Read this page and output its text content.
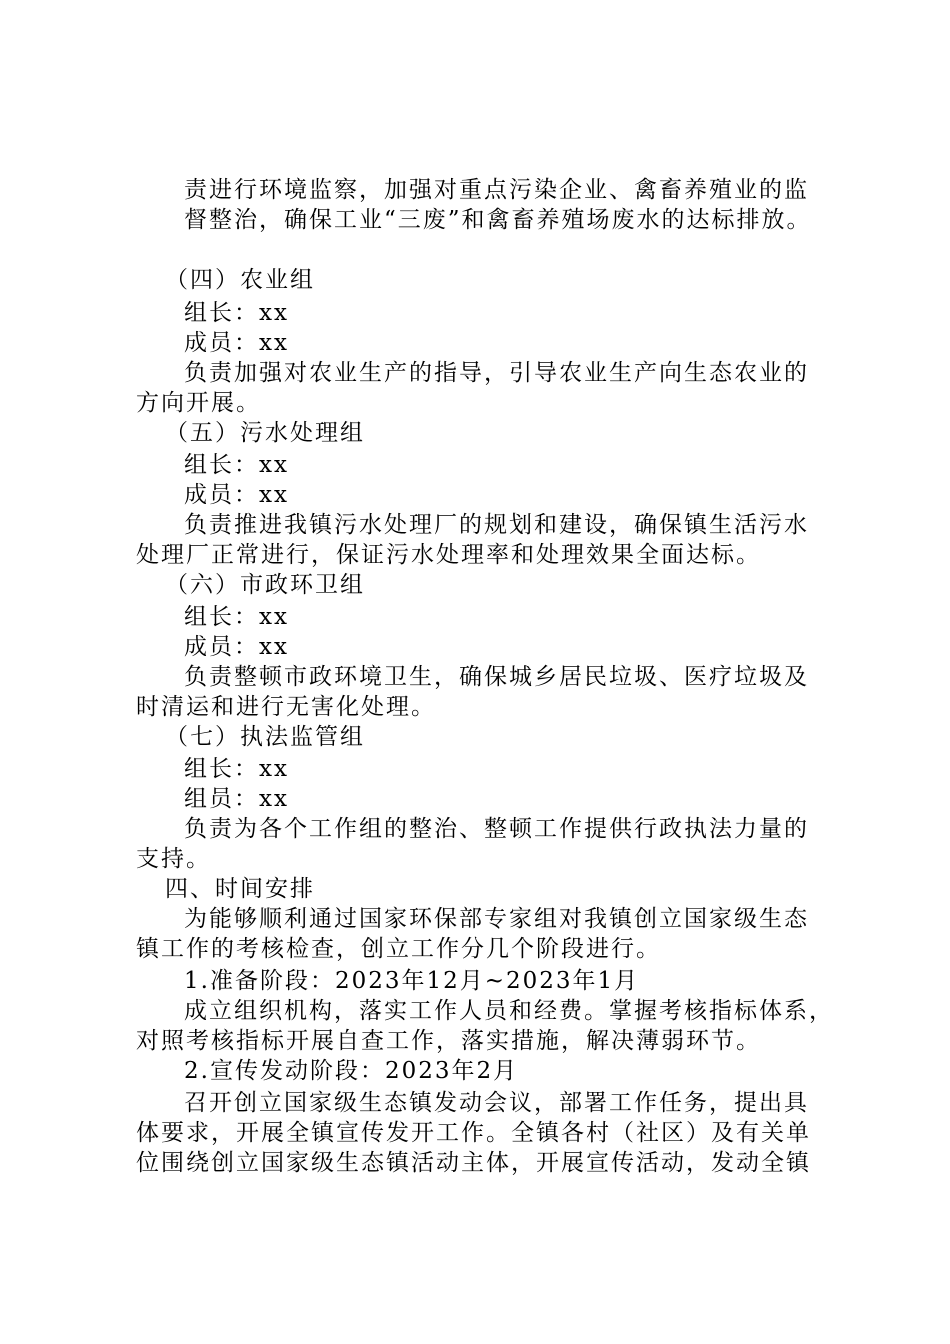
责进行环境监察，加强对重点污染企业、禽畜养殖业的监
督整治，确保工业“三废”和禽畜养殖场废水的达标排放。
（四）农业组
组长：xx
成员：xx
负责加强对农业生产的指导，引导农业生产向生态农业的
方向开展。
（五）污水处理组
组长：xx
成员：xx
负责推进我镇污水处理厂的规划和建设，确保镇生活污水
处理厂正常进行，保证污水处理率和处理效果全面达标。
（六）市政环卫组
组长：xx
成员：xx
负责整顿市政环境卫生，确保城乡居民垃圾、医疗垃圾及
时清运和进行无害化处理。
（七）执法监管组
组长：xx
组员：xx
负责为各个工作组的整治、整顿工作提供行政执法力量的
支持。
四、时间安排
为能够顺利通过国家环保部专家组对我镇创立国家级生态
镇工作的考核检查，创立工作分几个阶段进行。
1.准备阶段：2023年12月~2023年1月
成立组织机构，落实工作人员和经费。掌握考核指标体系，
对照考核指标开展自查工作，落实措施，解决薄弱环节。
2.宣传发动阶段：2023年2月
召开创立国家级生态镇发动会议，部署工作任务，提出具
体要求，开展全镇宣传发开工作。全镇各村（社区）及有关单
位围绕创立国家级生态镇活动主体，开展宣传活动，发动全镇
